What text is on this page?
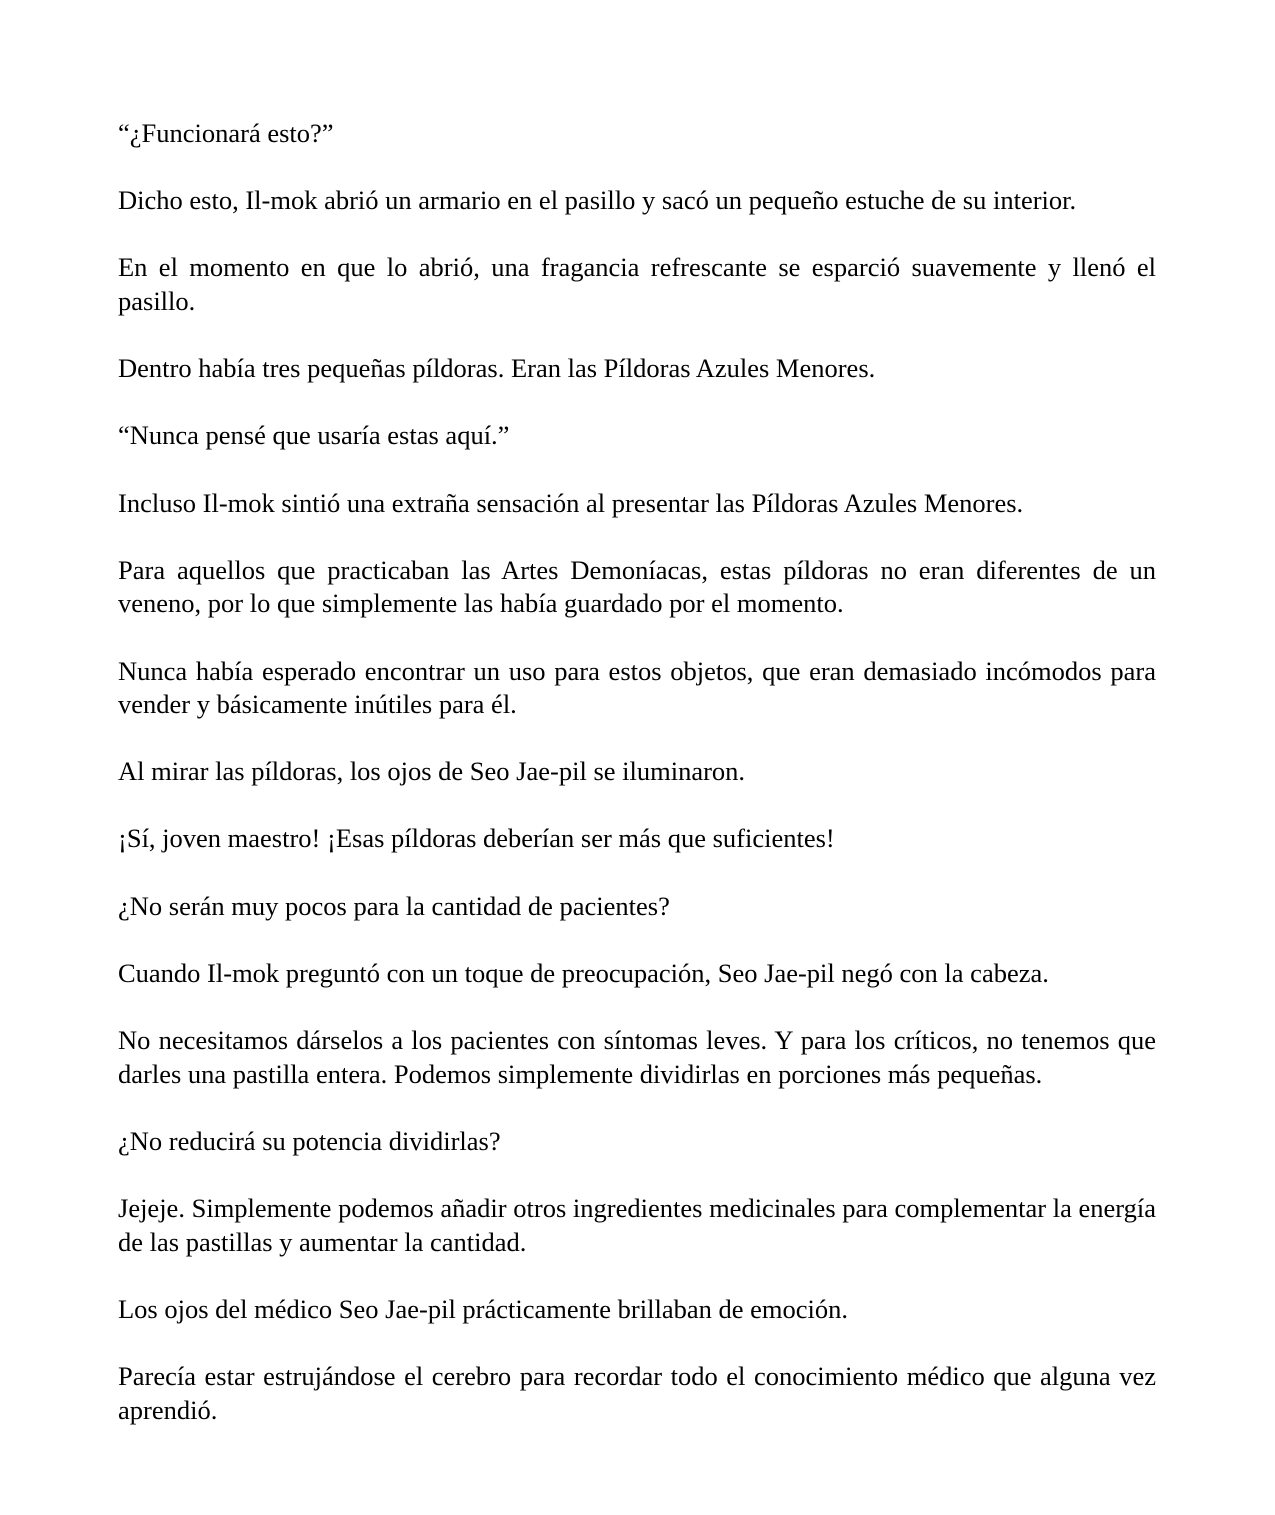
“¿Funcionará esto?”

Dicho esto, Il-mok abrió un armario en el pasillo y sacó un pequeño estuche de su interior.

En el momento en que lo abrió, una fragancia refrescante se esparció suavemente y llenó el pasillo.

Dentro había tres pequeñas píldoras. Eran las Píldoras Azules Menores.

“Nunca pensé que usaría estas aquí.”

Incluso Il-mok sintió una extraña sensación al presentar las Píldoras Azules Menores.

Para aquellos que practicaban las Artes Demoníacas, estas píldoras no eran diferentes de un veneno, por lo que simplemente las había guardado por el momento.

Nunca había esperado encontrar un uso para estos objetos, que eran demasiado incómodos para vender y básicamente inútiles para él.

Al mirar las píldoras, los ojos de Seo Jae-pil se iluminaron.

¡Sí, joven maestro! ¡Esas píldoras deberían ser más que suficientes!

¿No serán muy pocos para la cantidad de pacientes?

Cuando Il-mok preguntó con un toque de preocupación, Seo Jae-pil negó con la cabeza.

No necesitamos dárselos a los pacientes con síntomas leves. Y para los críticos, no tenemos que darles una pastilla entera. Podemos simplemente dividirlas en porciones más pequeñas.

¿No reducirá su potencia dividirlas?

Jejeje. Simplemente podemos añadir otros ingredientes medicinales para complementar la energía de las pastillas y aumentar la cantidad.

Los ojos del médico Seo Jae-pil prácticamente brillaban de emoción.

Parecía estar estrujándose el cerebro para recordar todo el conocimiento médico que alguna vez aprendió.
